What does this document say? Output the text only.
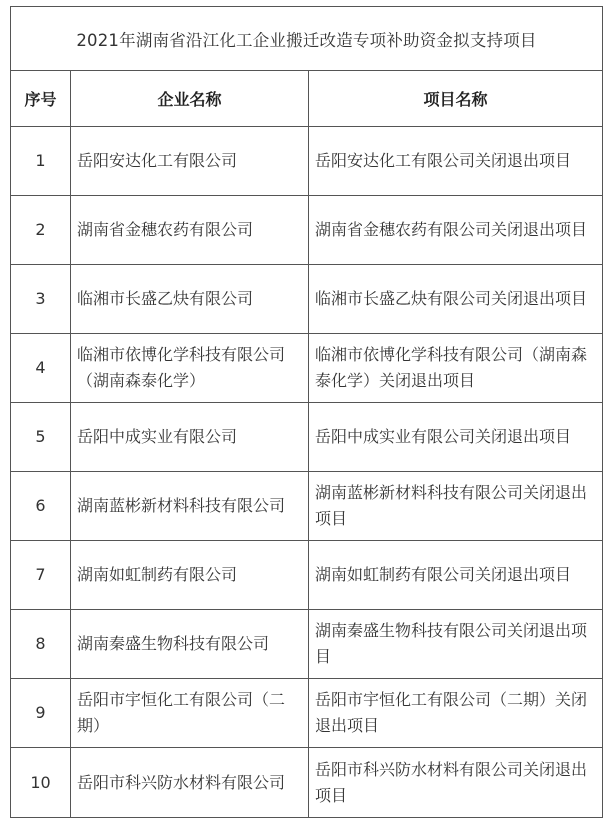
2021年湖南省沿江化工企业搬迁改造专项补助资金拟支持项目		
序号	企业名称	项目名称
1	岳阳安达化工有限公司	岳阳安达化工有限公司关闭退出项目
2	湖南省金穗农药有限公司	湖南省金穗农药有限公司关闭退出项目
3	临湘市长盛乙炔有限公司	临湘市长盛乙炔有限公司关闭退出项目
4	临湘市依博化学科技有限公司（湖南森泰化学）	临湘市依博化学科技有限公司（湖南森泰化学）关闭退出项目
5	岳阳中成实业有限公司	岳阳中成实业有限公司关闭退出项目
6	湖南蓝彬新材料科技有限公司	湖南蓝彬新材料科技有限公司关闭退出项目
7	湖南如虹制药有限公司	湖南如虹制药有限公司关闭退出项目
8	湖南秦盛生物科技有限公司	湖南秦盛生物科技有限公司关闭退出项目
9	岳阳市宇恒化工有限公司（二期）	岳阳市宇恒化工有限公司（二期）关闭退出项目
10	岳阳市科兴防水材料有限公司	岳阳市科兴防水材料有限公司关闭退出项目
